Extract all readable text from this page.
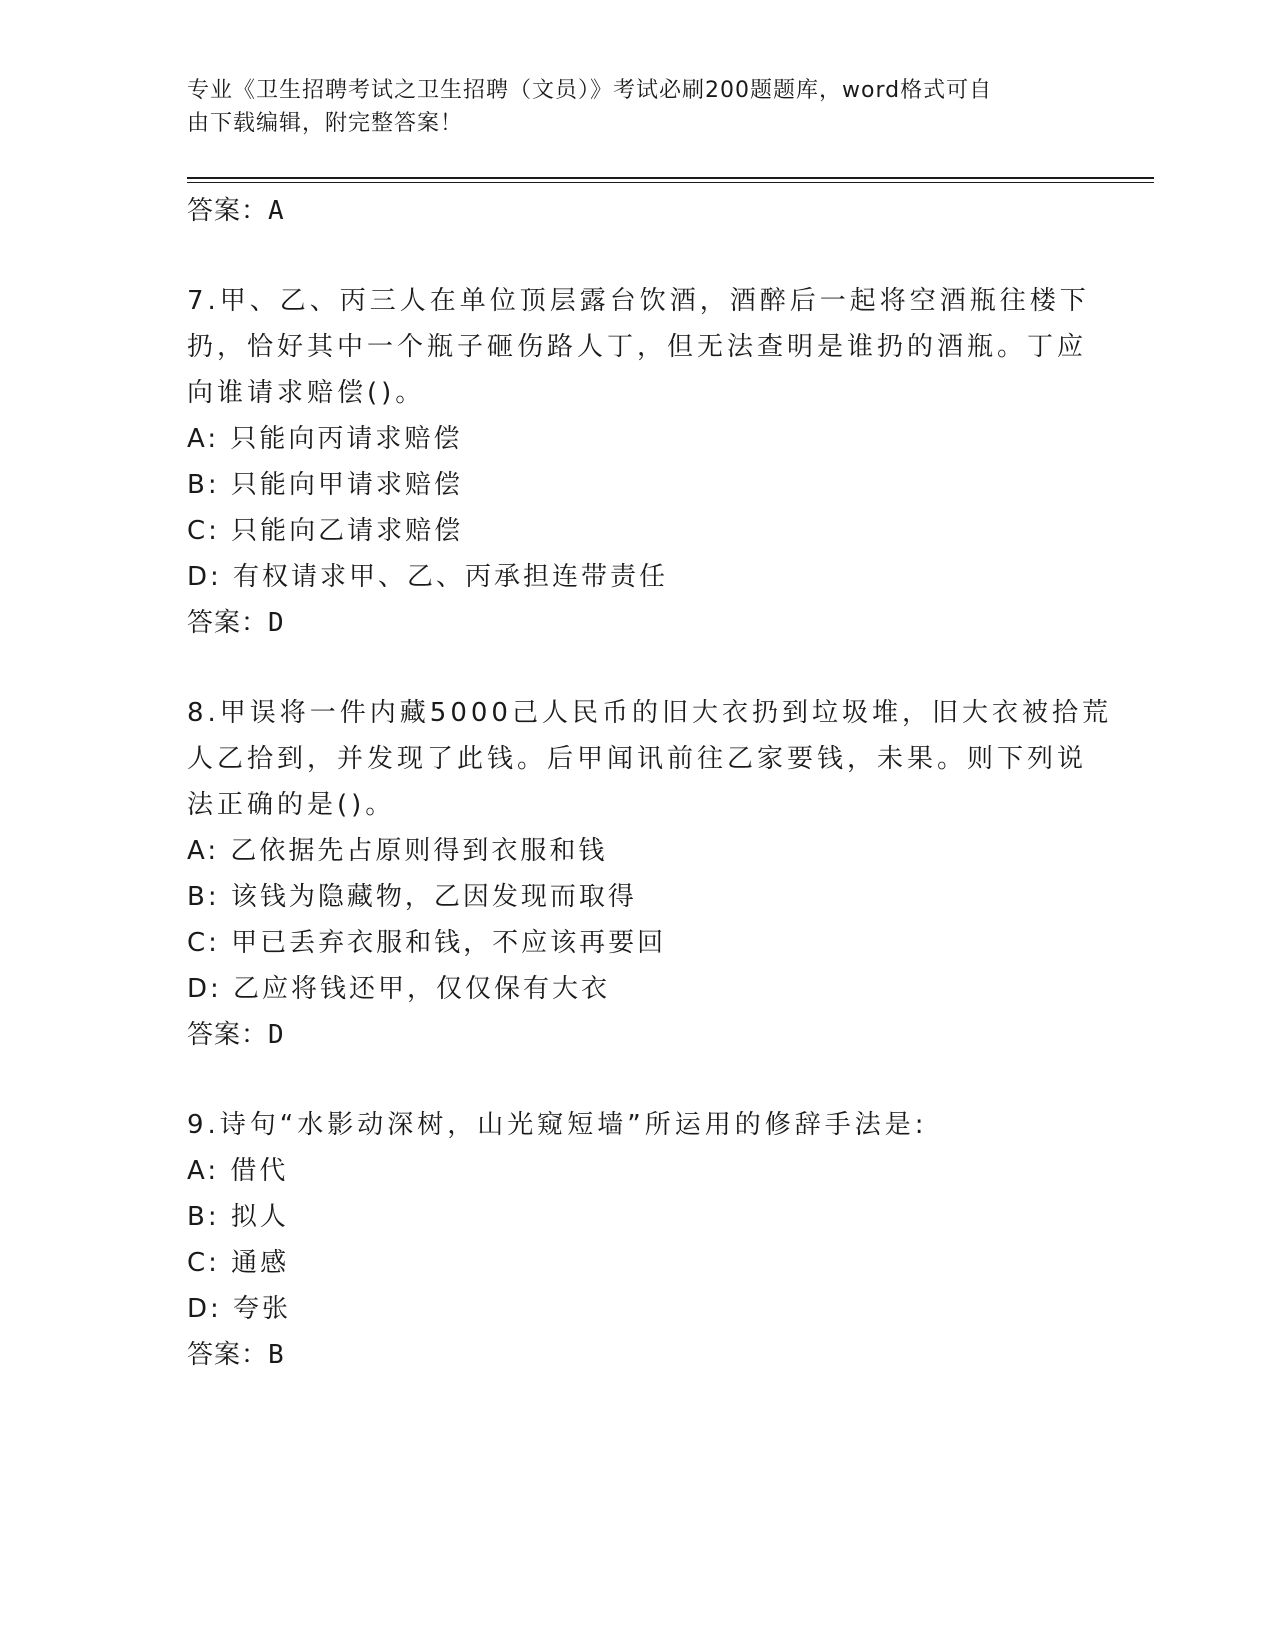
专业《卫生招聘考试之卫生招聘（文员）》考试必刷200题题库，word格式可自
由下载编辑，附完整答案！
答案：A
7.甲、乙、丙三人在单位顶层露台饮酒，酒醉后一起将空酒瓶往楼下
扔，恰好其中一个瓶子砸伤路人丁，但无法查明是谁扔的酒瓶。丁应
向谁请求赔偿()。
A: 只能向丙请求赔偿
B: 只能向甲请求赔偿
C: 只能向乙请求赔偿
D: 有权请求甲、乙、丙承担连带责任
答案：D
8.甲误将一件内藏5000己人民币的旧大衣扔到垃圾堆，旧大衣被拾荒
人乙拾到，并发现了此钱。后甲闻讯前往乙家要钱，未果。则下列说
法正确的是()。
A: 乙依据先占原则得到衣服和钱
B: 该钱为隐藏物，乙因发现而取得
C: 甲已丢弃衣服和钱，不应该再要回
D: 乙应将钱还甲，仅仅保有大衣
答案：D
9.诗句“水影动深树，山光窥短墙”所运用的修辞手法是:
A: 借代
B: 拟人
C: 通感
D: 夸张
答案：B
